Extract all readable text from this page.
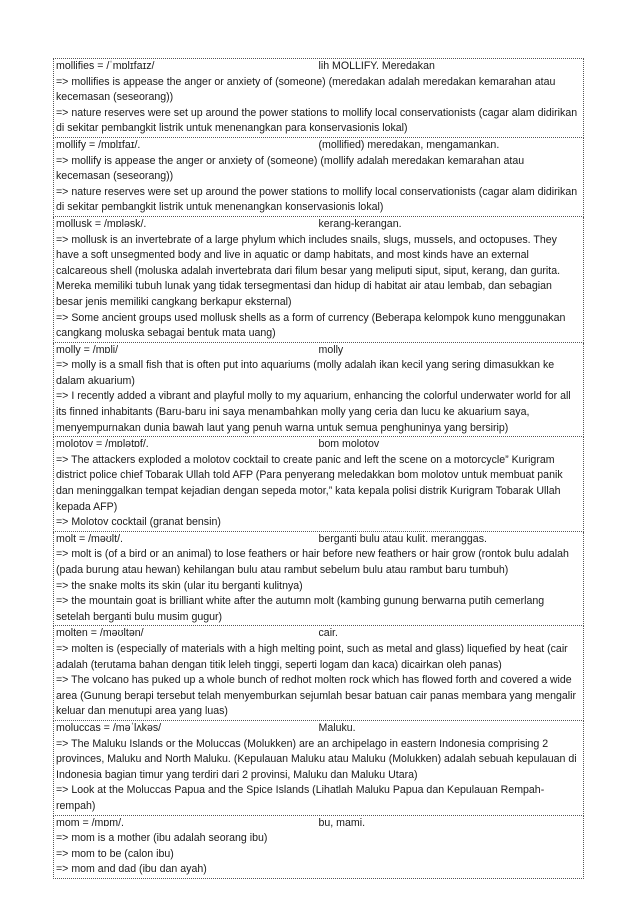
mollifies = /ˈmɒlɪfaɪz/	lih MOLLIFY. Meredakan
=> mollifies is appease the anger or anxiety of (someone) (meredakan adalah meredakan kemarahan atau kecemasan (seseorang))
=> nature reserves were set up around the power stations to mollify local conservationists (cagar alam didirikan di sekitar pembangkit listrik untuk menenangkan para konservasionis lokal)
mollify = /mɒlɪfaɪ/.	(mollified) meredakan, mengamankan.
=> mollify is appease the anger or anxiety of (someone) (mollify adalah meredakan kemarahan atau kecemasan (seseorang))
=> nature reserves were set up around the power stations to mollify local conservationists (cagar alam didirikan di sekitar pembangkit listrik untuk menenangkan konservasionis lokal)
mollusk = /mɒləsk/.	kerang-kerangan.
=> mollusk is an invertebrate of a large phylum which includes snails, slugs, mussels, and octopuses. They have a soft unsegmented body and live in aquatic or damp habitats, and most kinds have an external calcareous shell (moluska adalah invertebrata dari filum besar yang meliputi siput, siput, kerang, dan gurita. Mereka memiliki tubuh lunak yang tidak tersegmentasi dan hidup di habitat air atau lembab, dan sebagian besar jenis memiliki cangkang berkapur eksternal)
=> Some ancient groups used mollusk shells as a form of currency (Beberapa kelompok kuno menggunakan cangkang moluska sebagai bentuk mata uang)
molly = /mɒli/	molly
=> molly is a small fish that is often put into aquariums (molly adalah ikan kecil yang sering dimasukkan ke dalam akuarium)
=> I recently added a vibrant and playful molly to my aquarium, enhancing the colorful underwater world for all its finned inhabitants (Baru-baru ini saya menambahkan molly yang ceria dan lucu ke akuarium saya, menyempurnakan dunia bawah laut yang penuh warna untuk semua penghuninya yang bersirip)
molotov = /mɒlətɒf/.	bom molotov
=> The attackers exploded a molotov cocktail to create panic and left the scene on a motorcycle” Kurigram district police chief Tobarak Ullah told AFP (Para penyerang meledakkan bom molotov untuk membuat panik dan meninggalkan tempat kejadian dengan sepeda motor,” kata kepala polisi distrik Kurigram Tobarak Ullah kepada AFP)
=> Molotov cocktail (granat bensin)
molt = /məʊlt/.	berganti bulu atau kulit. meranggas.
=> molt is (of a bird or an animal) to lose feathers or hair before new feathers or hair grow (rontok bulu adalah (pada burung atau hewan) kehilangan bulu atau rambut sebelum bulu atau rambut baru tumbuh)
=> the snake molts its skin (ular itu berganti kulitnya)
=> the mountain goat is brilliant white after the autumn molt (kambing gunung berwarna putih cemerlang setelah berganti bulu musim gugur)
molten = /məʊltən/	cair.
=> molten is (especially of materials with a high melting point, such as metal and glass) liquefied by heat (cair adalah (terutama bahan dengan titik leleh tinggi, seperti logam dan kaca) dicairkan oleh panas)
=> The volcano has puked up a whole bunch of redhot molten rock which has flowed forth and covered a wide area (Gunung berapi tersebut telah menyemburkan sejumlah besar batuan cair panas membara yang mengalir keluar dan menutupi area yang luas)
moluccas = /məˈlʌkəs/	Maluku.
=> The Maluku Islands or the Moluccas (Molukken) are an archipelago in eastern Indonesia comprising 2 provinces, Maluku and North Maluku. (Kepulauan Maluku atau Maluku (Molukken) adalah sebuah kepulauan di Indonesia bagian timur yang terdiri dari 2 provinsi, Maluku dan Maluku Utara)
=> Look at the Moluccas Papua and the Spice Islands (Lihatlah Maluku Papua dan Kepulauan Rempah-rempah)
mom = /mɒm/.	bu, mami.
=> mom is a mother (ibu adalah seorang ibu)
=> mom to be (calon ibu)
=> mom and dad (ibu dan ayah)
